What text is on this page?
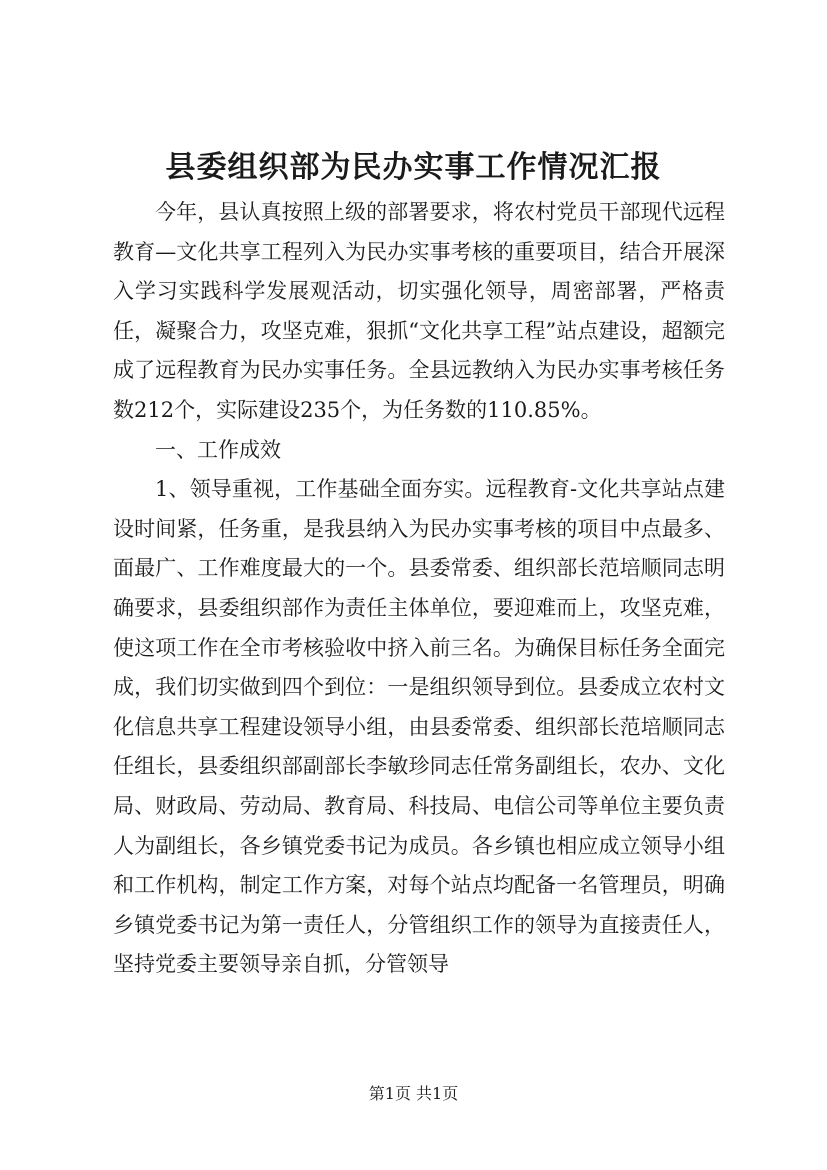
县委组织部为民办实事工作情况汇报

今年，县认真按照上级的部署要求，将农村党员干部现代远程教育—文化共享工程列入为民办实事考核的重要项目，结合开展深入学习实践科学发展观活动，切实强化领导，周密部署，严格责任，凝聚合力，攻坚克难，狠抓“文化共享工程”站点建设，超额完成了远程教育为民办实事任务。全县远教纳入为民办实事考核任务数212个，实际建设235个，为任务数的110.85%。

一、工作成效

1、领导重视，工作基础全面夯实。远程教育-文化共享站点建设时间紧，任务重，是我县纳入为民办实事考核的项目中点最多、面最广、工作难度最大的一个。县委常委、组织部长范培顺同志明确要求，县委组织部作为责任主体单位，要迎难而上，攻坚克难，使这项工作在全市考核验收中挤入前三名。为确保目标任务全面完成，我们切实做到四个到位：一是组织领导到位。县委成立农村文化信息共享工程建设领导小组，由县委常委、组织部长范培顺同志任组长，县委组织部副部长李敏珍同志任常务副组长，农办、文化局、财政局、劳动局、教育局、科技局、电信公司等单位主要负责人为副组长，各乡镇党委书记为成员。各乡镇也相应成立领导小组和工作机构，制定工作方案，对每个站点均配备一名管理员，明确乡镇党委书记为第一责任人，分管组织工作的领导为直接责任人，坚持党委主要领导亲自抓，分管领导

第1页 共1页
